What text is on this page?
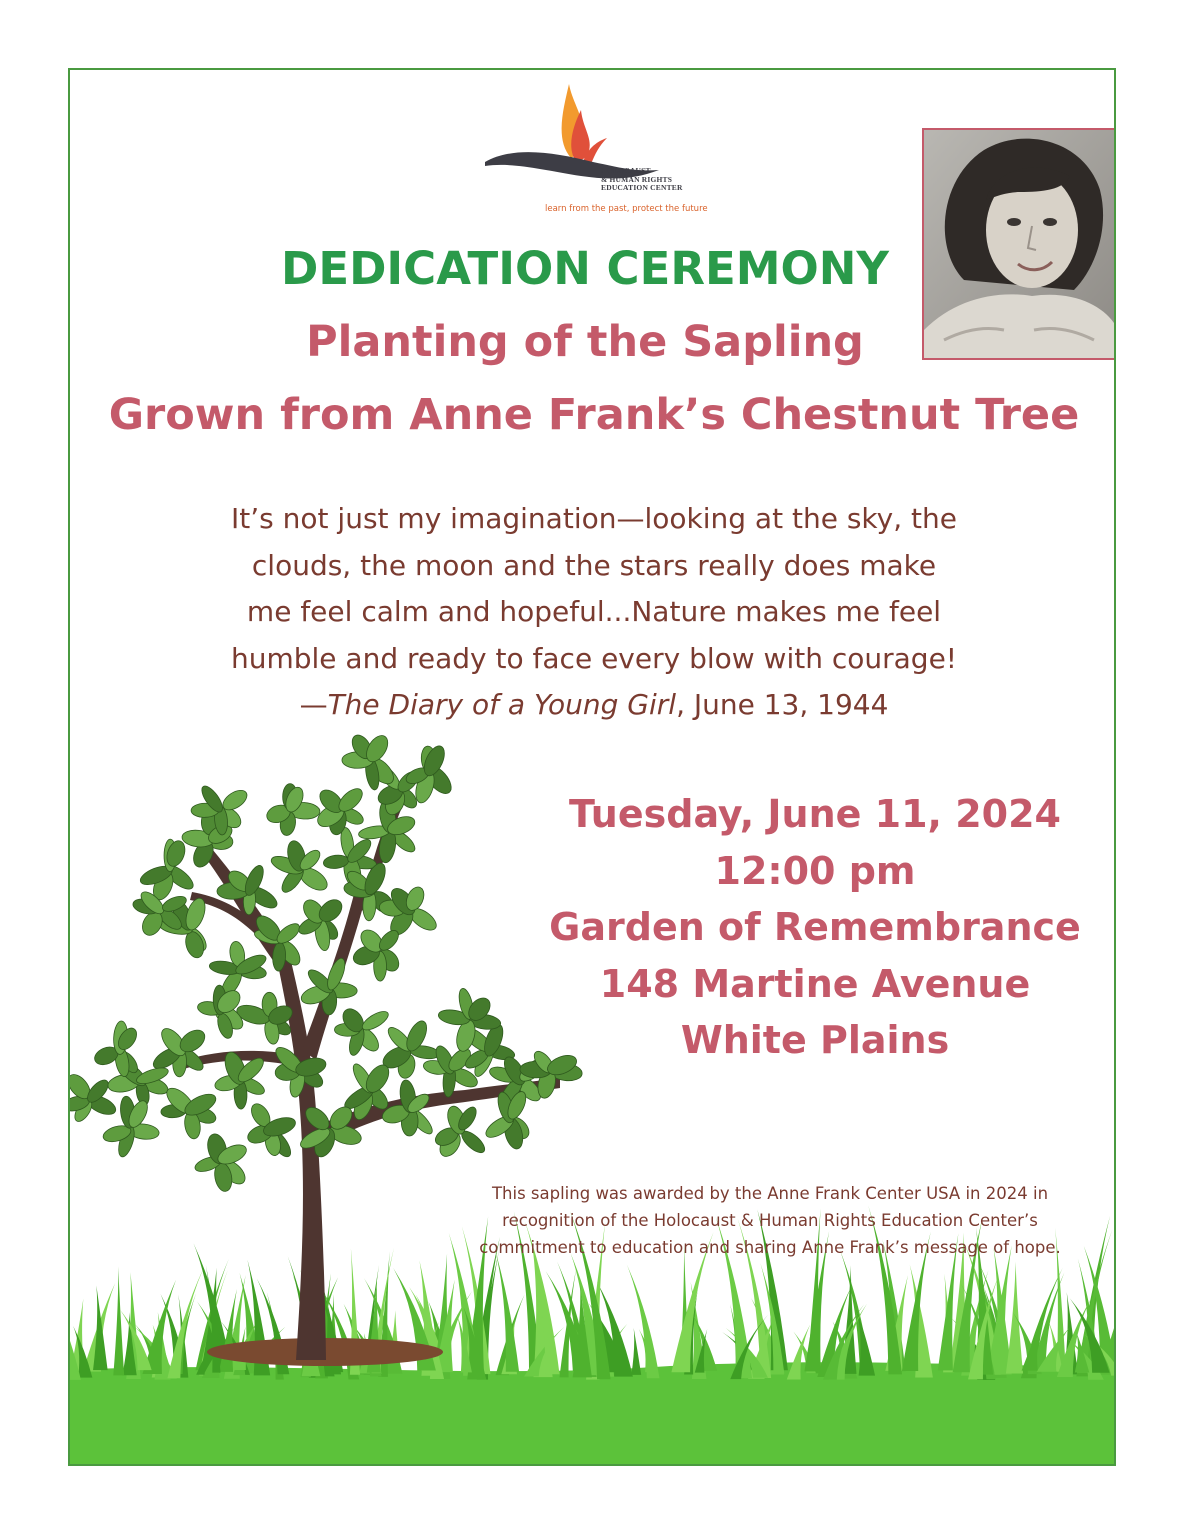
HOLOCAUST
& HUMAN RIGHTS
EDUCATION CENTER
learn from the past, protect the future
DEDICATION CEREMONY
Planting of the Sapling
Grown from Anne Frank’s Chestnut Tree
It’s not just my imagination—looking at the sky, the
clouds, the moon and the stars really does make
me feel calm and hopeful...Nature makes me feel
humble and ready to face every blow with courage!
—The Diary of a Young Girl, June 13, 1944
Tuesday, June 11, 2024
12:00 pm
Garden of Remembrance
148 Martine Avenue
White Plains
This sapling was awarded by the Anne Frank Center USA in 2024 in
recognition of the Holocaust & Human Rights Education Center’s
commitment to education and sharing Anne Frank’s message of hope.
